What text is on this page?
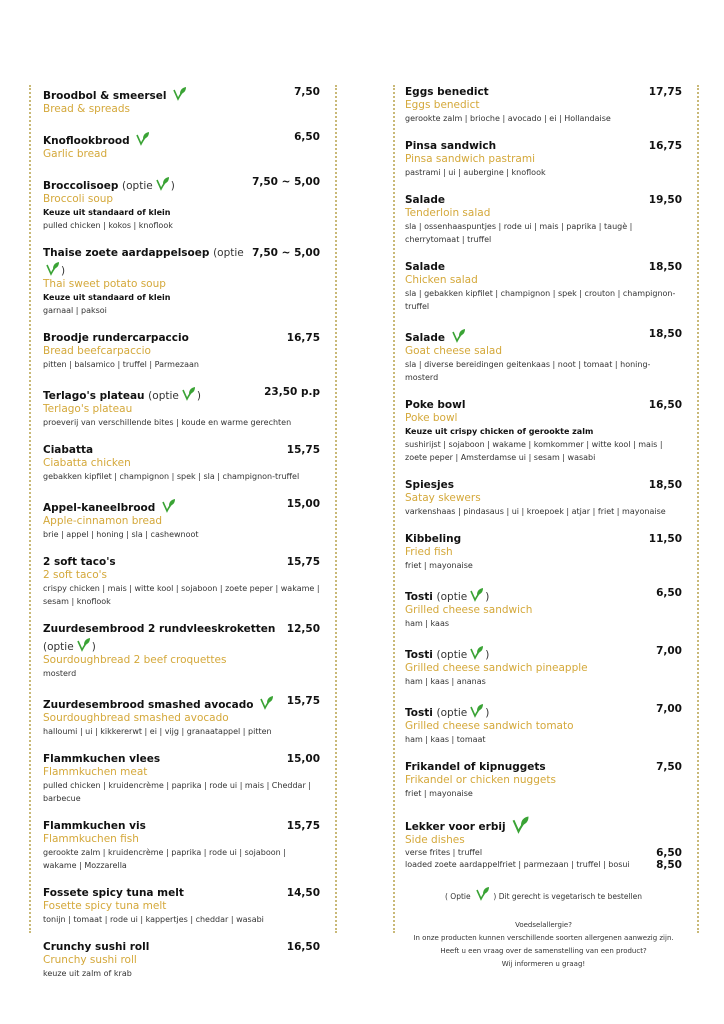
Broodbol & smeersel	7,50
Bread & spreads
Knoflookbrood	6,50
Garlic bread
Broccolisoep (optie )	7,50 ~ 5,00
Broccoli soup
Keuze uit standaard of klein
pulled chicken | kokos | knoflook
Thaise zoete aardappelsoep (optie)
7,50 ~ 5,00
Thai sweet potato soup
Keuze uit standaard of klein
garnaal | paksoi
Broodje rundercarpaccio	16,75
Bread beefcarpaccio
pitten | balsamico | truffel | Parmezaan
Terlago's plateau (optie )	23,50 p.p
Terlago's plateau
proeverij van verschillende bites | koude en warme gerechten
Ciabatta	15,75
Ciabatta chicken
gebakken kipfilet | champignon | spek | sla | champignon-truffel
Appel-kaneelbrood	15,00
Apple-cinnamon bread
brie | appel | honing | sla | cashewnoot
2 soft taco's	15,75
2 soft taco's
crispy chicken | mais | witte kool | sojaboon | zoete peper | wakame | sesam | knoflook
Zuurdesembrood 2 rundvleeskroketten (optie )
12,50
Sourdoughbread 2 beef croquettes
mosterd
Zuurdesembrood smashed avocado	15,75
Sourdoughbread smashed avocado
halloumi | ui | kikkererwt | ei | vijg | granaatappel | pitten
Flammkuchen vlees	15,00
Flammkuchen meat
pulled chicken | kruidencrème | paprika | rode ui | mais | Cheddar | barbecue
Flammkuchen vis	15,75
Flammkuchen fish
gerookte zalm | kruidencrème | paprika | rode ui | sojaboon | wakame | Mozzarella
Fossete spicy tuna melt	14,50
Fosette spicy tuna melt
tonijn | tomaat | rode ui | kappertjes | cheddar | wasabi
Crunchy sushi roll	16,50
Crunchy sushi roll
keuze uit zalm of krab
Eggs benedict	17,75
Eggs benedict
gerookte zalm | brioche | avocado | ei | Hollandaise
Pinsa sandwich	16,75
Pinsa sandwich pastrami
pastrami | ui | aubergine | knoflook
Salade	19,50
Tenderloin salad
sla | ossenhaaspuntjes | rode ui | mais | paprika | taugè | cherrytomaat | truffel
Salade	18,50
Chicken salad
sla | gebakken kipfilet | champignon | spek | crouton | champignon-truffel
Salade	18,50
Goat cheese salad
sla | diverse bereidingen geitenkaas | noot | tomaat | honing-mosterd
Poke bowl	16,50
Poke bowl
Keuze uit crispy chicken of gerookte zalm
sushirijst | sojaboon | wakame | komkommer | witte kool | mais | zoete peper | Amsterdamse ui | sesam | wasabi
Spiesjes	18,50
Satay skewers
varkenshaas | pindasaus | ui | kroepoek | atjar | friet | mayonaise
Kibbeling	11,50
Fried fish
friet | mayonaise
Tosti (optie )	6,50
Grilled cheese sandwich
ham | kaas
Tosti (optie )	7,00
Grilled cheese sandwich pineapple
ham | kaas | ananas
Tosti (optie )	7,00
Grilled cheese sandwich tomato
ham | kaas | tomaat
Frikandel of kipnuggets	7,50
Frikandel or chicken nuggets
friet | mayonaise
Lekker voor erbij
Side dishes
verse frites | truffel	6,50
loaded zoete aardappelfriet | parmezaan | truffel | bosui	8,50
( Optie	) Dit gerecht is vegetarisch te bestellen
Voedselallergie?
In onze producten kunnen verschillende soorten allergenen aanwezig zijn.
Heeft u een vraag over de samenstelling van een product?
Wij informeren u graag!
